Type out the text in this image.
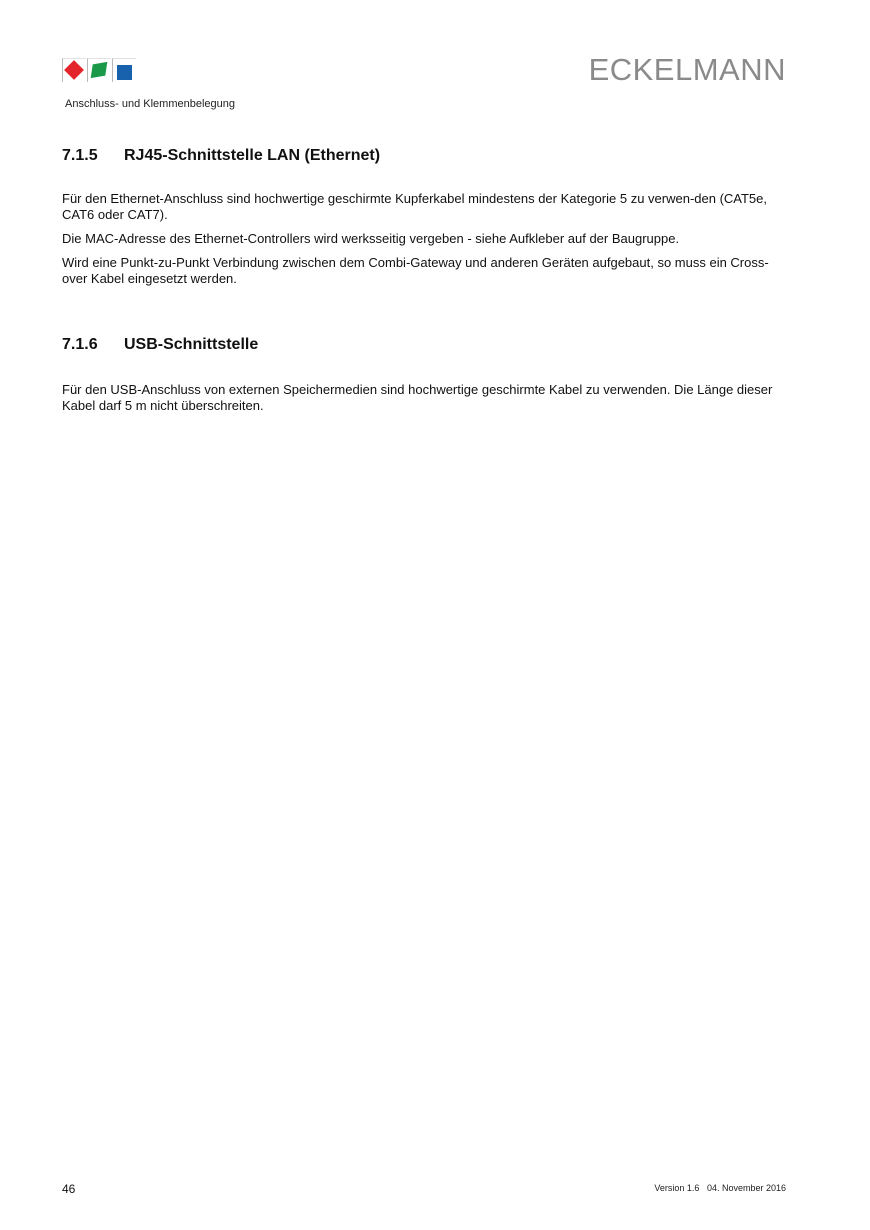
ECKELMANN
Anschluss- und Klemmenbelegung
7.1.5 RJ45-Schnittstelle LAN (Ethernet)

Für den Ethernet-Anschluss sind hochwertige geschirmte Kupferkabel mindestens der Kategorie 5 zu verwen-den (CAT5e, CAT6 oder CAT7).

Die MAC-Adresse des Ethernet-Controllers wird werksseitig vergeben - siehe Aufkleber auf der Baugruppe.

Wird eine Punkt-zu-Punkt Verbindung zwischen dem Combi-Gateway und anderen Geräten aufgebaut, so muss ein Cross-over Kabel eingesetzt werden.

7.1.6 USB-Schnittstelle

Für den USB-Anschluss von externen Speichermedien sind hochwertige geschirmte Kabel zu verwenden. Die Länge dieser Kabel darf 5 m nicht überschreiten.

46	Version 1.6   04. November 2016
